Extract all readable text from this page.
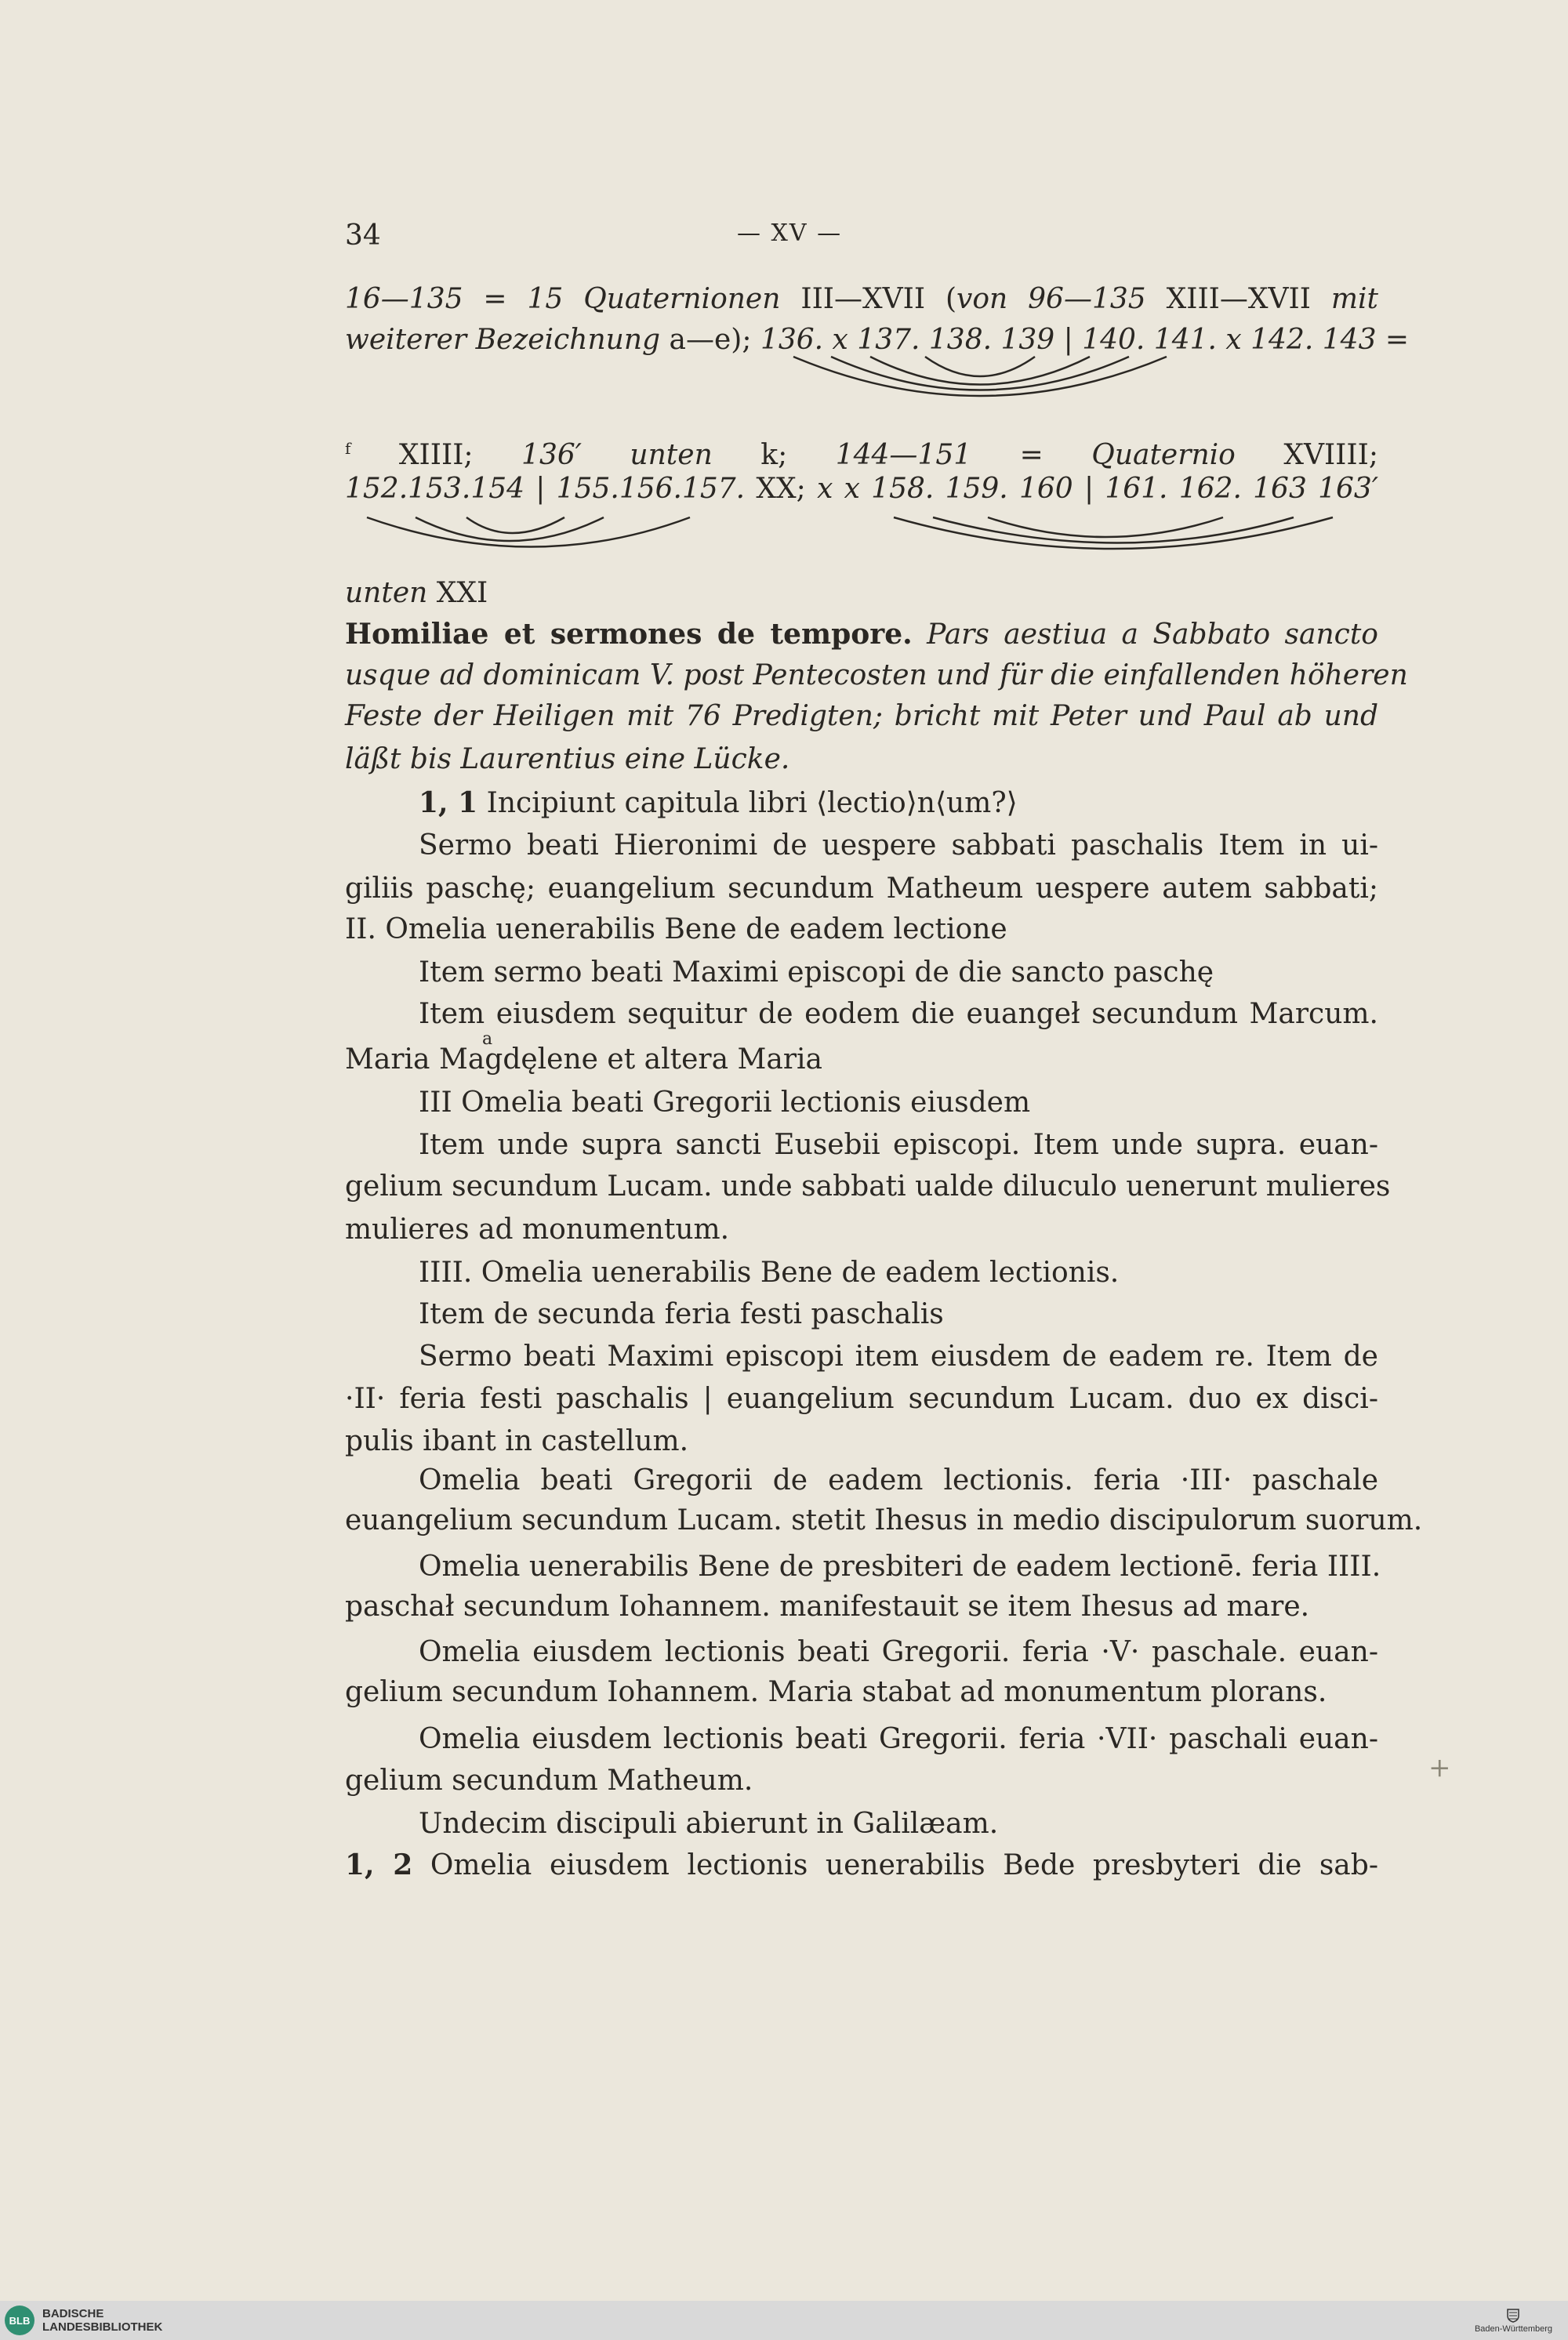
34	— XV —
16—135 = 15 Quaternionen III—XVII (von 96—135 XIII—XVII mit
weiterer Bezeichnung a—e); 136. x 137. 138. 139 | 140. 141. x 142. 143 =
$^f$ XIIII; 136′ unten k; 144—151 = Quaternio XVIIII;
152.153.154 | 155.156.157. XX; x x 158. 159. 160 | 161. 162. 163 163′
unten XXI
Homiliae et sermones de tempore. Pars aestiua a Sabbato sancto
usque ad dominicam V. post Pentecosten und für die einfallenden höheren
Feste der Heiligen mit 76 Predigten; bricht mit Peter und Paul ab und
läßt bis Laurentius eine Lücke.
1, 1 Incipiunt capitula libri ⟨lectio⟩n⟨um?⟩
Sermo beati Hieronimi de uespere sabbati paschalis Item in ui-
giliis paschę; euangelium secundum Matheum uespere autem sabbati;
II. Omelia uenerabilis Bene de eadem lectione
Item sermo beati Maximi episcopi de die sancto paschę
Item eiusdem sequitur de eodem die euangeł secundum Marcum.
a
Maria Magdęlene et altera Maria
III Omelia beati Gregorii lectionis eiusdem
Item unde supra sancti Eusebii episcopi. Item unde supra. euan-
gelium secundum Lucam. unde sabbati ualde diluculo uenerunt mulieres
mulieres ad monumentum.
IIII. Omelia uenerabilis Bene de eadem lectionis.
Item de secunda feria festi paschalis
Sermo beati Maximi episcopi item eiusdem de eadem re. Item de
·II· feria festi paschalis | euangelium secundum Lucam. duo ex disci-
pulis ibant in castellum.
Omelia beati Gregorii de eadem lectionis. feria ·III· paschale
euangelium secundum Lucam. stetit Ihesus in medio discipulorum suorum.
Omelia uenerabilis Bene de presbiteri de eadem lectionē. feria IIII.
paschał secundum Iohannem. manifestauit se item Ihesus ad mare.
Omelia eiusdem lectionis beati Gregorii. feria ·V· paschale. euan-
gelium secundum Iohannem. Maria stabat ad monumentum plorans.
Omelia eiusdem lectionis beati Gregorii. feria ·VII· paschali euan-
gelium secundum Matheum.
Undecim discipuli abierunt in Galilæam.
1, 2 Omelia eiusdem lectionis uenerabilis Bede presbyteri die sab-
+
BLB	BADISCHE
LANDESBIBLIOTHEK	Baden-Württemberg
